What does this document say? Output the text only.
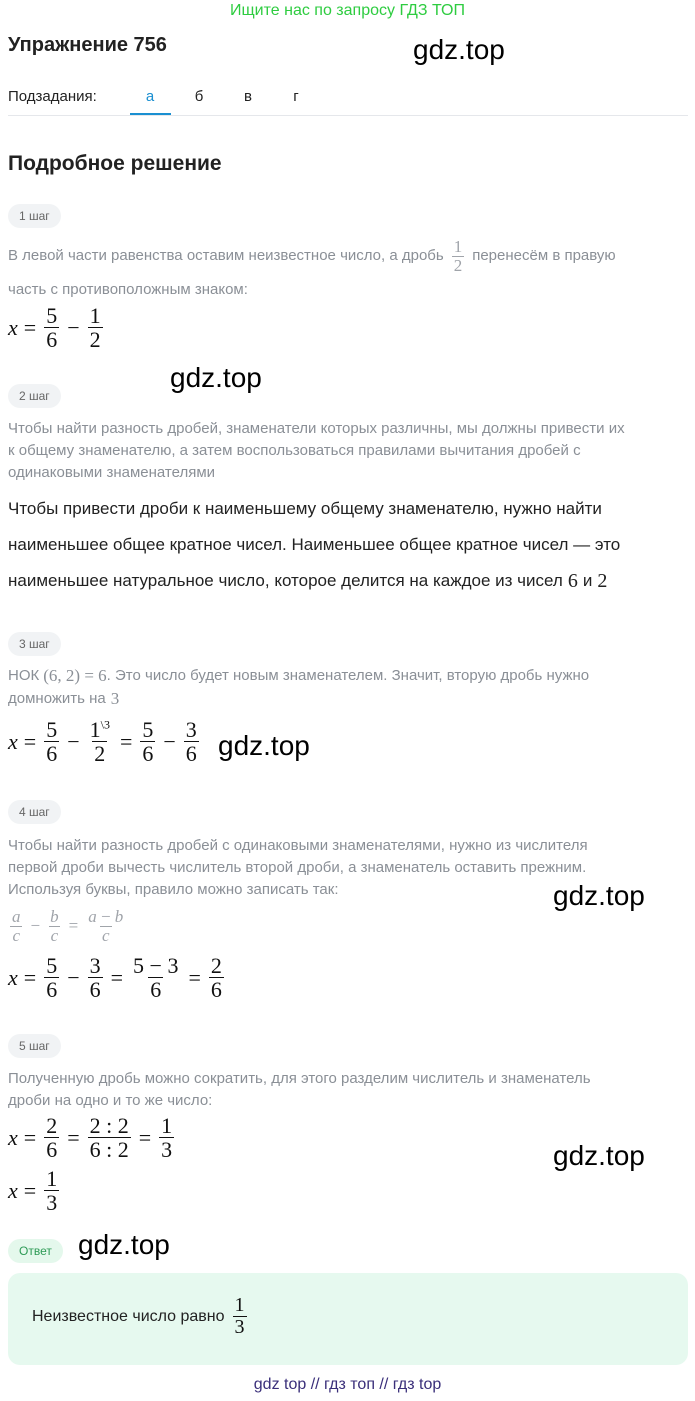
Ищите нас по запросу ГДЗ ТОП
Упражнение 756	gdz.top
Подзадания:	а	б	в	г
Подробное решение
1 шаг
В левой части равенства оставим неизвестное число, а дробь $\frac{1}{2}$ перенесём в правую
часть с противоположным знаком:
$x = \frac{5}{6} - \frac{1}{2}$
gdz.top
2 шаг
Чтобы найти разность дробей, знаменатели которых различны, мы должны привести их
к общему знаменателю, а затем воспользоваться правилами вычитания дробей с
одинаковыми знаменателями
Чтобы привести дроби к наименьшему общему знаменателю, нужно найти
наименьшее общее кратное чисел. Наименьшее общее кратное чисел — это
наименьшее натуральное число, которое делится на каждое из чисел 6 и 2
3 шаг
НОК (6, 2) = 6 . Это число будет новым знаменателем. Значит, вторую дробь нужно
домножить на 3
$x = \frac{5}{6} - \frac{1^{\backslash 3}}{2} = \frac{5}{6} - \frac{3}{6} gdz.top$
4 шаг
Чтобы найти разность дробей с одинаковыми знаменателями, нужно из числителя
первой дроби вычесть числитель второй дроби, а знаменатель оставить прежним.
Используя буквы, правило можно записать так:	gdz.top
$\frac{a}{c} - \frac{b}{c} = \frac{a - b}{c}$
$x = \frac{5}{6} - \frac{3}{6} = \frac{5 - 3}{6} = \frac{2}{6}$
5 шаг
Полученную дробь можно сократить, для этого разделим числитель и знаменатель
дроби на одно и то же число:
$x = \frac{2}{6} = \frac{2 : 2}{6 : 2} = \frac{1}{3}$
$x = \frac{1}{3}$
gdz.top
Ответ gdz.top
Неизвестное число равно $\frac{1}{3}$
gdz top // гдз топ // гдз top
